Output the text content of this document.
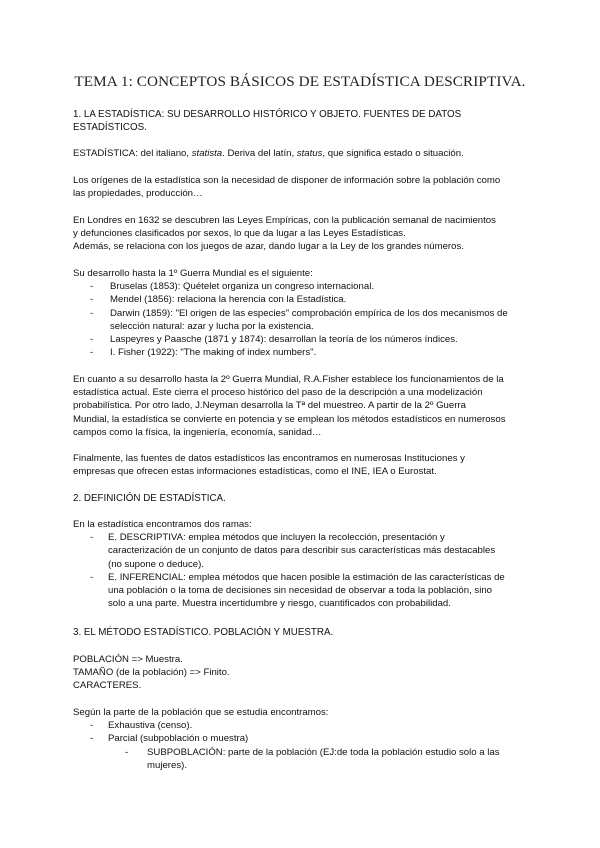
TEMA 1: CONCEPTOS BÁSICOS DE ESTADÍSTICA DESCRIPTIVA.

1. LA ESTADÍSTICA: SU DESARROLLO HISTÓRICO Y OBJETO. FUENTES DE DATOS

ESTADÍSTICOS.

ESTADÍSTICA: del italiano, statista. Deriva del latín, status, que significa estado o situación.

Los orígenes de la estadística son la necesidad de disponer de información sobre la población como

las propiedades, producción…

En Londres en 1632 se descubren las Leyes Empíricas, con la publicación semanal de nacimientos

y defunciones clasificados por sexos, lo que da lugar a las Leyes Estadísticas.

Además, se relaciona con los juegos de azar, dando lugar a la Ley de los grandes números.

Su desarrollo hasta la 1º Guerra Mundial es el siguiente:

- Bruselas (1853): Quételet organiza un congreso internacional.
- Mendel (1856): relaciona la herencia con la Estadística.
- Darwin (1859): "El origen de las especies" comprobación empírica de los dos mecanismos de
selección natural: azar y lucha por la existencia.
- Laspeyres y Paasche (1871 y 1874): desarrollan la teoría de los números índices.
- I. Fisher (1922): "The making of index numbers".

En cuanto a su desarrollo hasta la 2º Guerra Mundial, R.A.Fisher establece los funcionamientos de la

estadística actual. Este cierra el proceso histórico del paso de la descripción a una modelización

probabilística. Por otro lado, J.Neyman desarrolla la Tª del muestreo. A partir de la 2º Guerra

Mundial, la estadística se convierte en potencia y se emplean los métodos estadísticos en numerosos

campos como la física, la ingeniería, economía, sanidad…

Finalmente, las fuentes de datos estadísticos las encontramos en numerosas Instituciones y

empresas que ofrecen estas informaciones estadísticas, como el INE, IEA o Eurostat.

2. DEFINICIÓN DE ESTADÍSTICA.

En la estadística encontramos dos ramas:

- E. DESCRIPTIVA: emplea métodos que incluyen la recolección, presentación y
caracterización de un conjunto de datos para describir sus características más destacables
(no supone o deduce).
- E. INFERENCIAL: emplea métodos que hacen posible la estimación de las características de
una población o la toma de decisiones sin necesidad de observar a toda la población, sino
solo a una parte. Muestra incertidumbre y riesgo, cuantificados con probabilidad.
3. EL MÉTODO ESTADÍSTICO. POBLACIÓN Y MUESTRA.

POBLACIÓN => Muestra.

TAMAÑO (de la población) => Finito.

CARACTERES.

Según la parte de la población que se estudia encontramos:

- Exhaustiva (censo).
- Parcial (subpoblación o muestra)
- SUBPOBLACIÓN: parte de la población (EJ:de toda la población estudio solo a las
mujeres).
